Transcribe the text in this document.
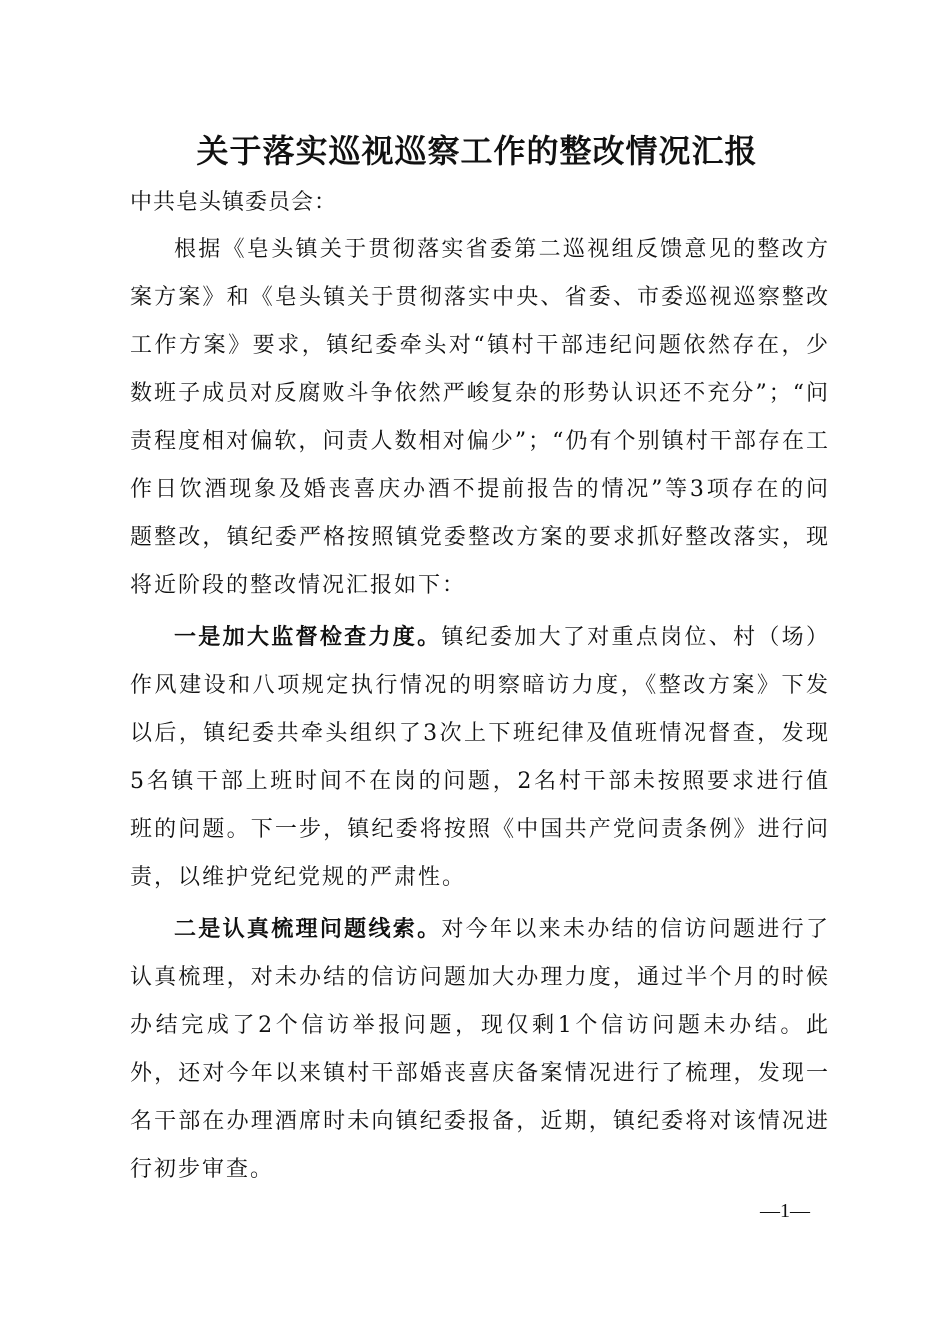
关于落实巡视巡察工作的整改情况汇报

中共皂头镇委员会：

根据《皂头镇关于贯彻落实省委第二巡视组反馈意见的整改方案方案》和《皂头镇关于贯彻落实中央、省委、市委巡视巡察整改工作方案》要求，镇纪委牵头对“镇村干部违纪问题依然存在，少数班子成员对反腐败斗争依然严峻复杂的形势认识还不充分”；“问责程度相对偏软，问责人数相对偏少”；“仍有个别镇村干部存在工作日饮酒现象及婚丧喜庆办酒不提前报告的情况”等3项存在的问题整改，镇纪委严格按照镇党委整改方案的要求抓好整改落实，现将近阶段的整改情况汇报如下：

一是加大监督检查力度。镇纪委加大了对重点岗位、村（场）作风建设和八项规定执行情况的明察暗访力度，《整改方案》下发以后，镇纪委共牵头组织了3次上下班纪律及值班情况督查，发现5名镇干部上班时间不在岗的问题，2名村干部未按照要求进行值班的问题。下一步，镇纪委将按照《中国共产党问责条例》进行问责，以维护党纪党规的严肃性。

二是认真梳理问题线索。对今年以来未办结的信访问题进行了认真梳理，对未办结的信访问题加大办理力度，通过半个月的时候办结完成了2个信访举报问题，现仅剩1个信访问题未办结。此外，还对今年以来镇村干部婚丧喜庆备案情况进行了梳理，发现一名干部在办理酒席时未向镇纪委报备，近期，镇纪委将对该情况进行初步审查。

—1—
